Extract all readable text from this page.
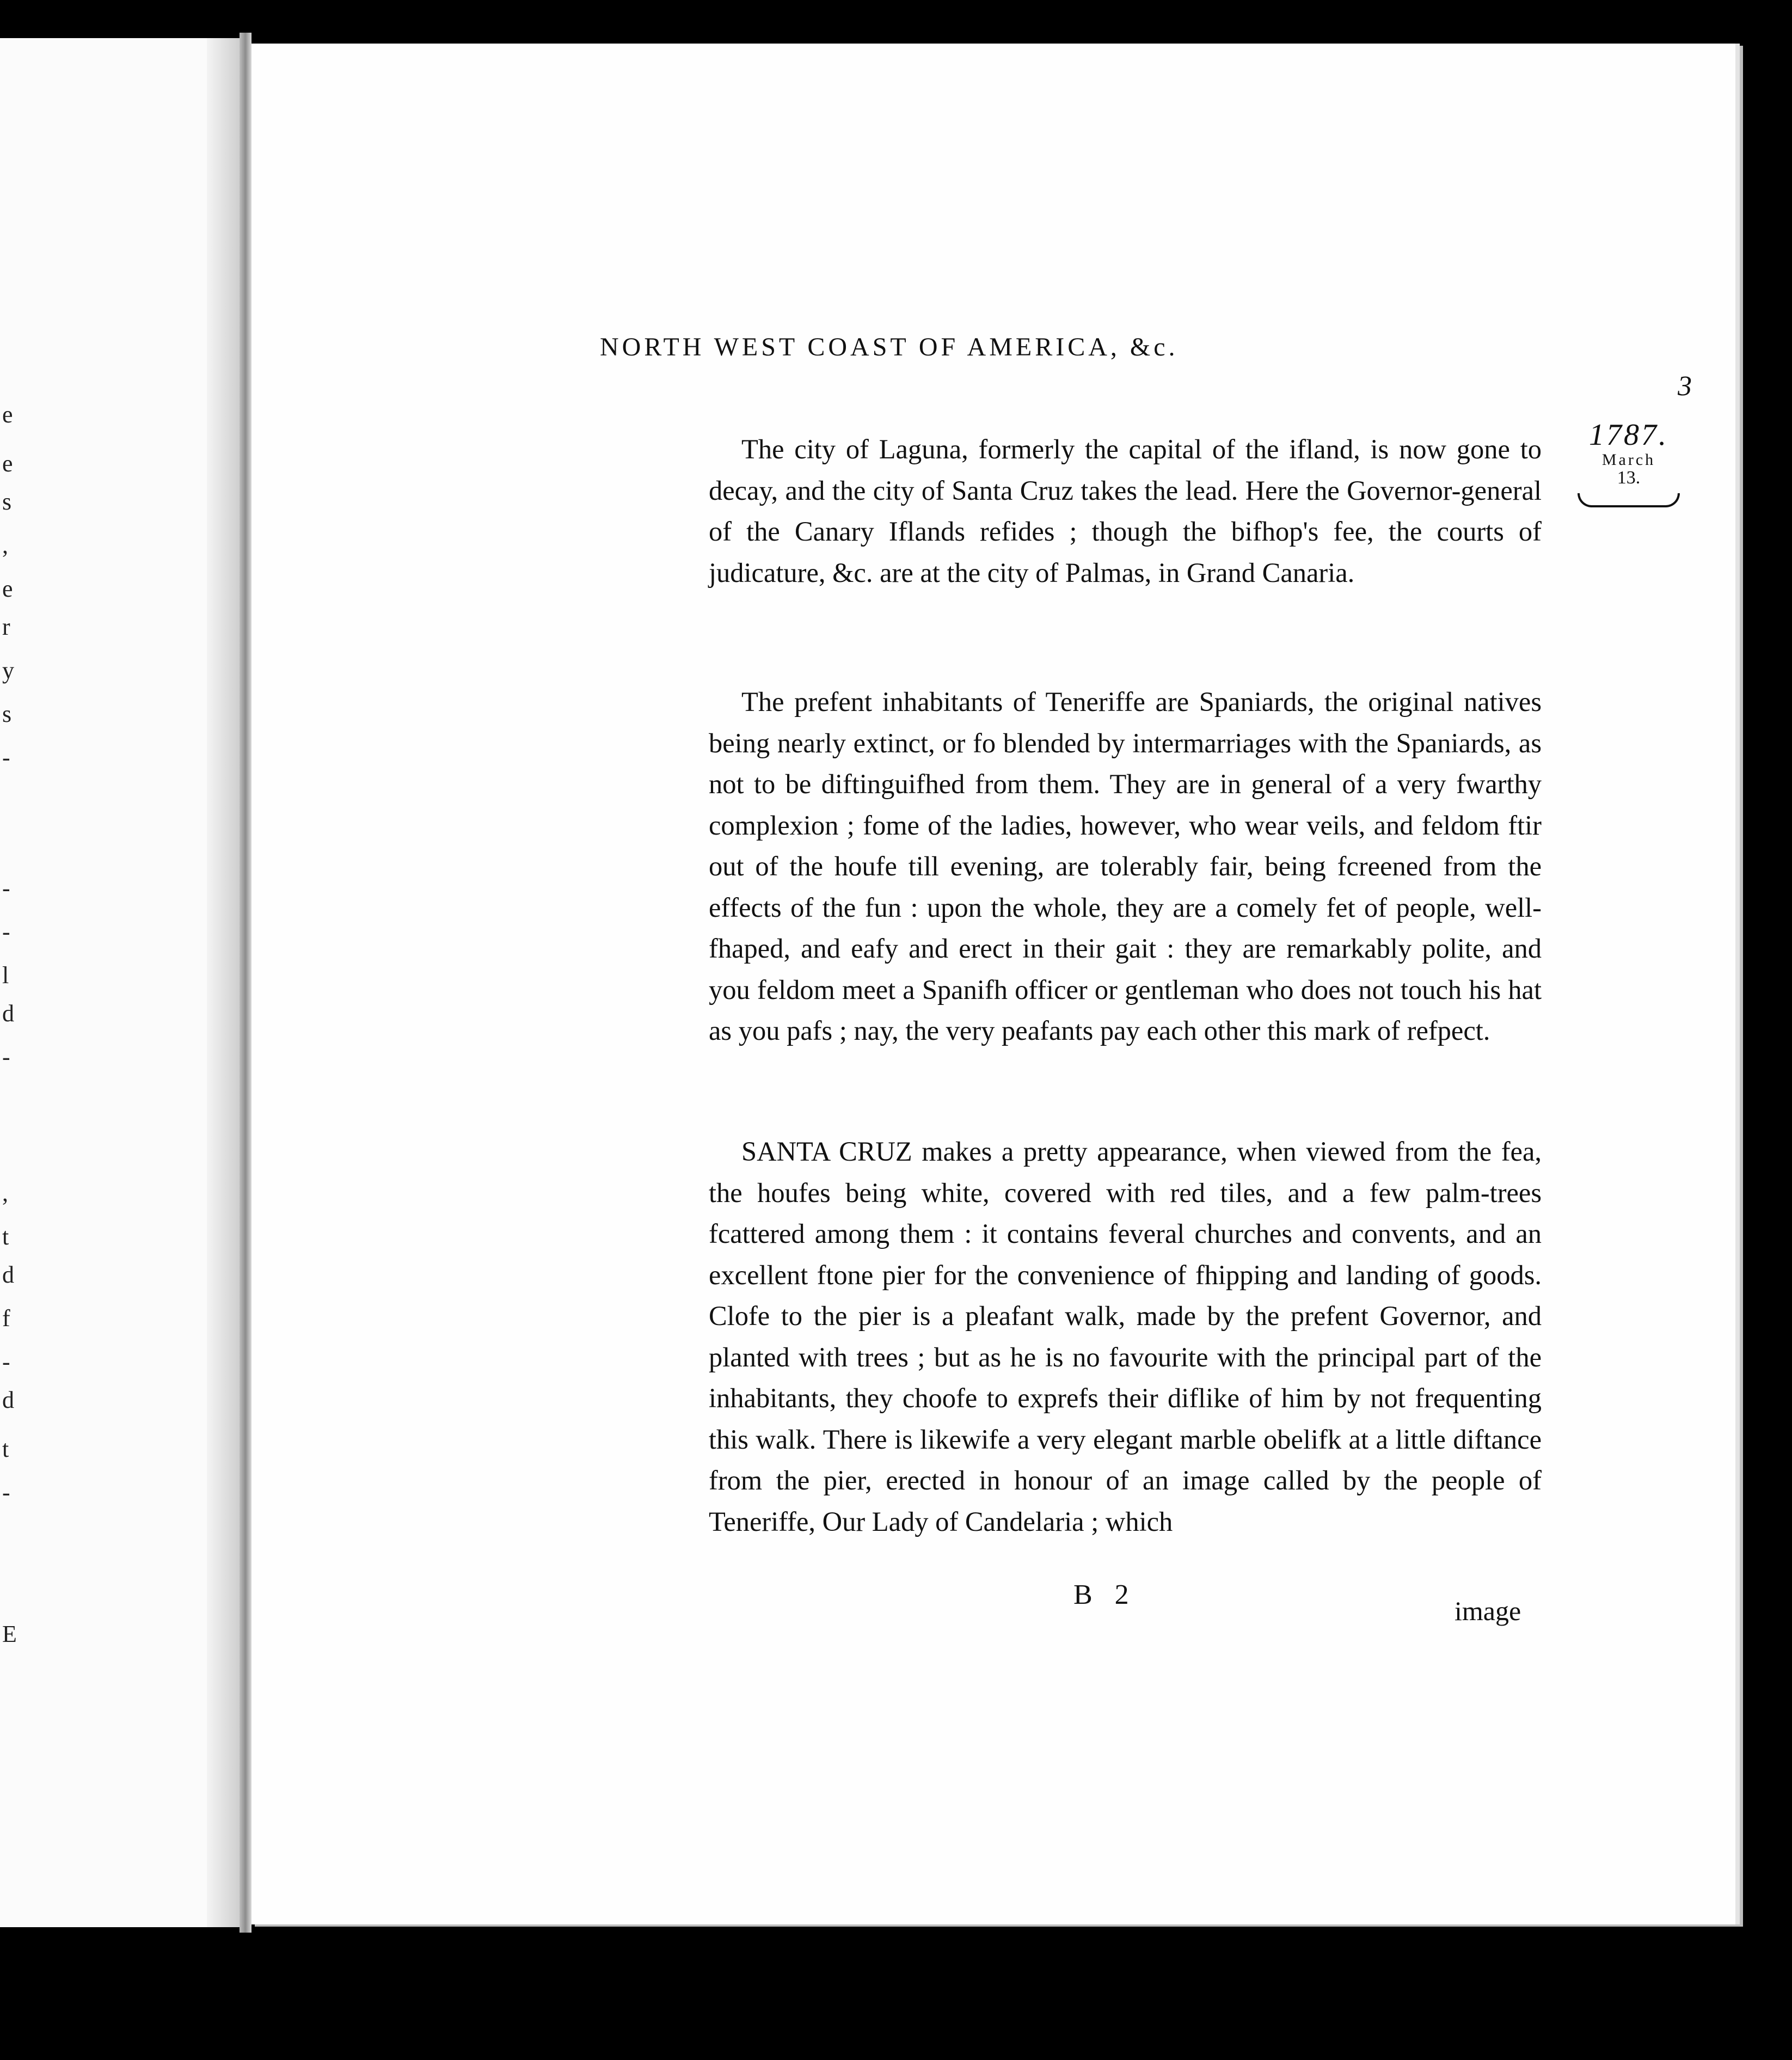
e
e
s
,
e
r
y
s
-
-
-
l
d
-
,
t
d
f
-
d
t
-
E
NORTH WEST COAST OF AMERICA, &c.
3
1787.
March
13.

The city of Laguna, formerly the capital of the ifland, is now gone to decay, and the city of Santa Cruz takes the lead. Here the Governor-general of the Canary Iflands refides ; though the bifhop's fee, the courts of judicature, &c. are at the city of Palmas, in Grand Canaria.

The prefent inhabitants of Teneriffe are Spaniards, the original natives being nearly extinct, or fo blended by intermarriages with the Spaniards, as not to be diftinguifhed from them. They are in general of a very fwarthy complexion ; fome of the ladies, however, who wear veils, and feldom ftir out of the houfe till evening, are tolerably fair, being fcreened from the effects of the fun : upon the whole, they are a comely fet of people, well-fhaped, and eafy and erect in their gait : they are remarkably polite, and you feldom meet a Spanifh officer or gentleman who does not touch his hat as you pafs ; nay, the very peafants pay each other this mark of refpect.

SANTA CRUZ makes a pretty appearance, when viewed from the fea, the houfes being white, covered with red tiles, and a few palm-trees fcattered among them : it contains feveral churches and convents, and an excellent ftone pier for the convenience of fhipping and landing of goods. Clofe to the pier is a pleafant walk, made by the prefent Governor, and planted with trees ; but as he is no favourite with the principal part of the inhabitants, they choofe to exprefs their diflike of him by not frequenting this walk. There is likewife a very elegant marble obelifk at a little diftance from the pier, erected in honour of an image called by the people of Teneriffe, Our Lady of Candelaria ; which

B 2
image
